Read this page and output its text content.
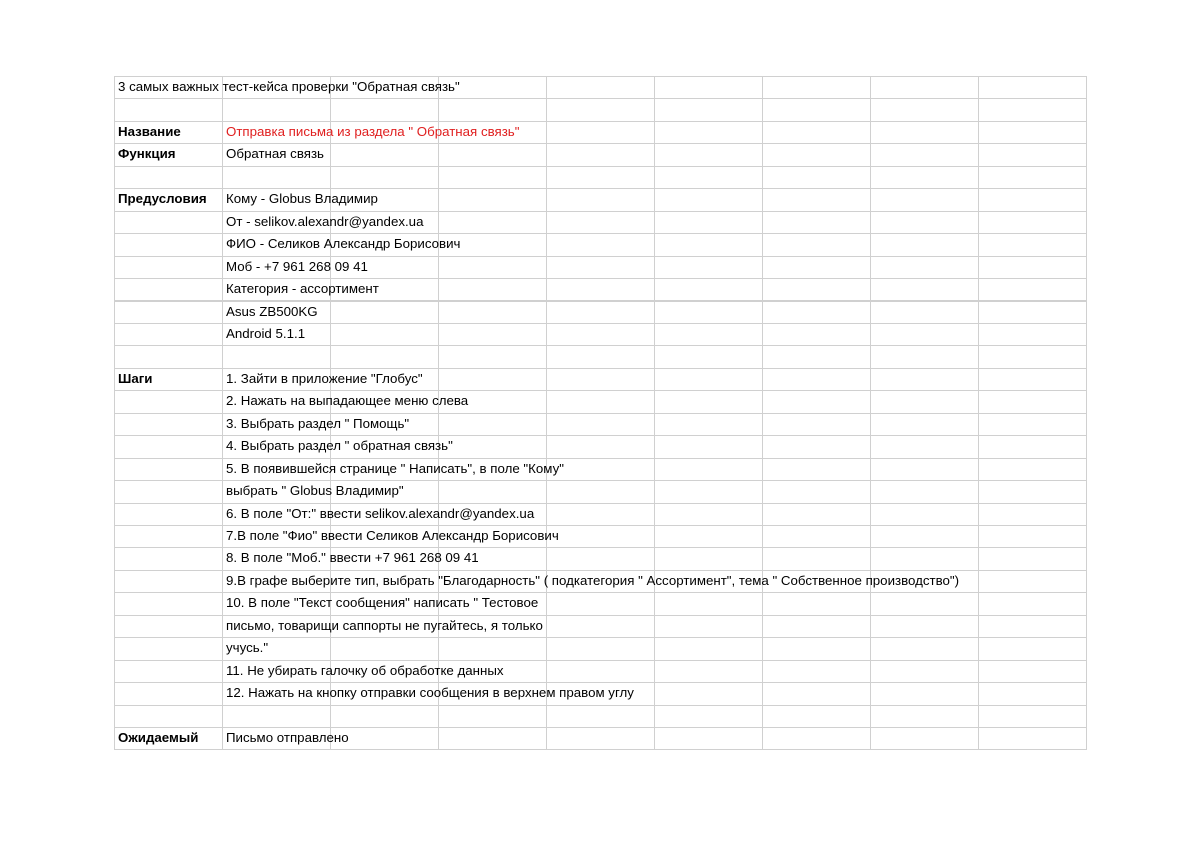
3 самых важных тест-кейса проверки "Обратная связь"
Название	Отправка письма из раздела " Обратная связь"
Функция	Обратная связь
Предусловия	Кому - Globus Владимир
От - selikov.alexandr@yandex.ua
ФИО - Селиков Александр Борисович
Моб - +7 961 268 09 41
Категория - ассортимент
Asus ZB500KG
Android 5.1.1
Шаги	1. Зайти в приложение "Глобус"
2. Нажать на выпадающее меню слева
3. Выбрать раздел " Помощь"
4. Выбрать раздел " обратная связь"
5. В появившейся странице " Написать", в поле "Кому"
выбрать " Globus Владимир"
6. В поле "От:" ввести selikov.alexandr@yandex.ua
7.В поле "Фио" ввести Селиков Александр Борисович
8. В поле "Моб." ввести +7 961 268 09 41
9.В графе выберите тип, выбрать "Благодарность" ( подкатегория " Ассортимент", тема " Собственное производство")
10. В поле "Текст сообщения" написать " Тестовое
письмо, товарищи саппорты не пугайтесь, я только
учусь."
11. Не убирать галочку об обработке данных
12. Нажать на кнопку отправки сообщения в верхнем правом углу
Ожидаемый	Письмо отправлено
